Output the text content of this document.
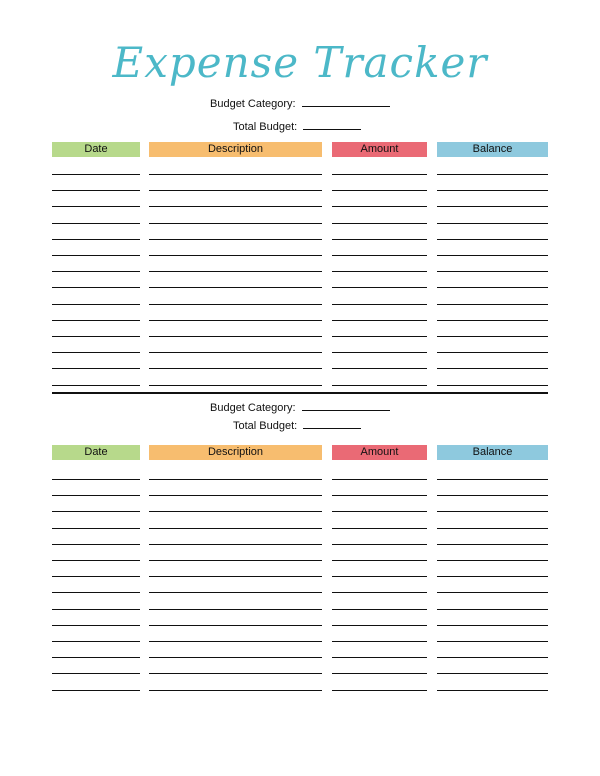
Expense Tracker
Budget Category:
Total Budget:
Date	Description	Amount	Balance
Budget Category:
Total Budget:
Date	Description	Amount	Balance
